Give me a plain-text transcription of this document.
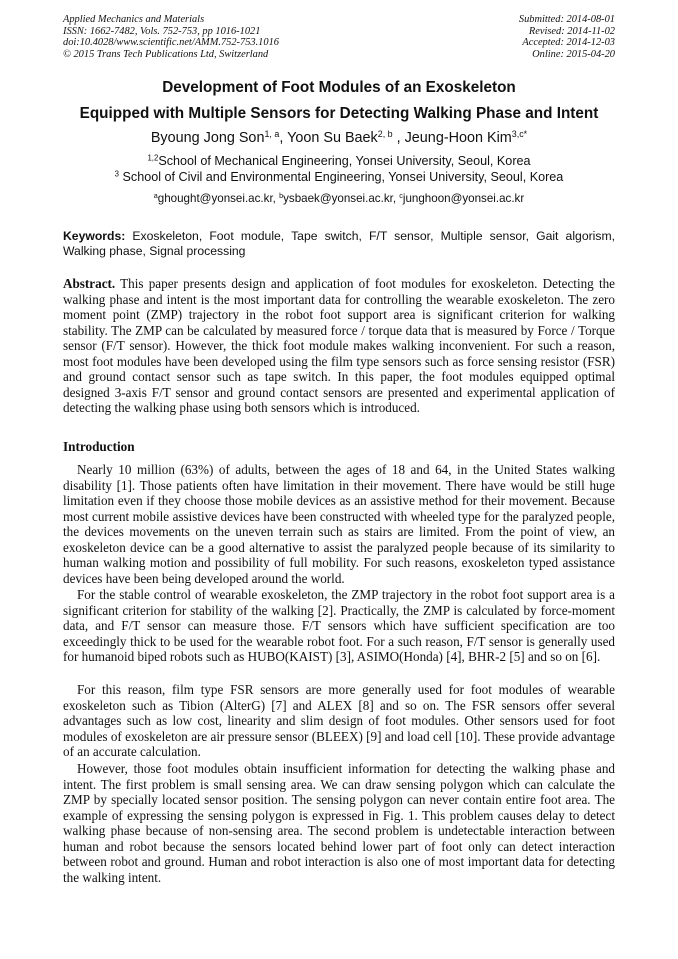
Applied Mechanics and Materials
ISSN: 1662-7482, Vols. 752-753, pp 1016-1021
doi:10.4028/www.scientific.net/AMM.752-753.1016
© 2015 Trans Tech Publications Ltd, Switzerland
Submitted: 2014-08-01
Revised: 2014-11-02
Accepted: 2014-12-03
Online: 2015-04-20
Development of Foot Modules of an Exoskeleton
Equipped with Multiple Sensors for Detecting Walking Phase and Intent
Byoung Jong Son$^{1, a}$, Yoon Su Baek$^{2, b}$ , Jeung-Hoon Kim$^{3,c*}$
$^{1,2}$School of Mechanical Engineering, Yonsei University, Seoul, Korea
$^3$ School of Civil and Environmental Engineering, Yonsei University, Seoul, Korea
$^a$ghought@yonsei.ac.kr, $^b$ysbaek@yonsei.ac.kr, $^c$junghoon@yonsei.ac.kr
Keywords: Exoskeleton, Foot module, Tape switch, F/T sensor, Multiple sensor, Gait algorism, Walking phase, Signal processing
Abstract. This paper presents design and application of foot modules for exoskeleton. Detecting the walking phase and intent is the most important data for controlling the wearable exoskeleton. The zero moment point (ZMP) trajectory in the robot foot support area is significant criterion for walking stability. The ZMP can be calculated by measured force / torque data that is measured by Force / Torque sensor (F/T sensor). However, the thick foot module makes walking inconvenient. For such a reason, most foot modules have been developed using the film type sensors such as force sensing resistor (FSR) and ground contact sensor such as tape switch. In this paper, the foot modules equipped optimal designed 3-axis F/T sensor and ground contact sensors are presented and experimental application of detecting the walking phase using both sensors which is introduced.
Introduction
Nearly 10 million (63%) of adults, between the ages of 18 and 64, in the United States walking disability [1]. Those patients often have limitation in their movement. There have would be still huge limitation even if they choose those mobile devices as an assistive method for their movement. Because most current mobile assistive devices have been constructed with wheeled type for the paralyzed people, the devices movements on the uneven terrain such as stairs are limited. From the point of view, an exoskeleton device can be a good alternative to assist the paralyzed people because of its similarity to human walking motion and possibility of full mobility. For such reasons, exoskeleton typed assistance devices have been being developed around the world.
For the stable control of wearable exoskeleton, the ZMP trajectory in the robot foot support area is a significant criterion for stability of the walking [2]. Practically, the ZMP is calculated by force-moment data, and F/T sensor can measure those. F/T sensors which have sufficient specification are too exceedingly thick to be used for the wearable robot foot. For a such reason, F/T sensor is generally used for humanoid biped robots such as HUBO(KAIST) [3], ASIMO(Honda) [4], BHR-2 [5] and so on [6].
For this reason, film type FSR sensors are more generally used for foot modules of wearable exoskeleton such as Tibion (AlterG) [7] and ALEX [8] and so on. The FSR sensors offer several advantages such as low cost, linearity and slim design of foot modules. Other sensors used for foot modules of exoskeleton are air pressure sensor (BLEEX) [9] and load cell [10]. These provide advantage of an accurate calculation.
However, those foot modules obtain insufficient information for detecting the walking phase and intent. The first problem is small sensing area. We can draw sensing polygon which can calculate the ZMP by specially located sensor position. The sensing polygon can never contain entire foot area. The example of expressing the sensing polygon is expressed in Fig. 1. This problem causes delay to detect walking phase because of non-sensing area. The second problem is undetectable interaction between human and robot because the sensors located behind lower part of foot only can detect interaction between robot and ground. Human and robot interaction is also one of most important data for detecting the walking intent.
